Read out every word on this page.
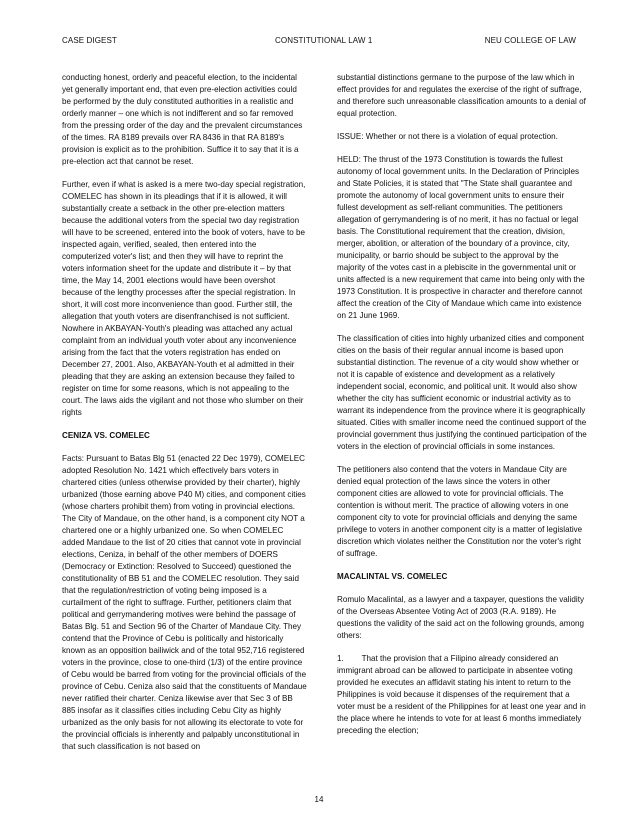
CASE DIGEST	CONSTITUTIONAL LAW 1	NEU COLLEGE OF LAW

conducting honest, orderly and peaceful election, to the incidental yet generally important end, that even pre-election activities could be performed by the duly constituted authorities in a realistic and orderly manner – one which is not indifferent and so far removed from the pressing order of the day and the prevalent circumstances of the times. RA 8189 prevails over RA 8436 in that RA 8189's provision is explicit as to the prohibition. Suffice it to say that it is a pre-election act that cannot be reset.

Further, even if what is asked is a mere two-day special registration, COMELEC has shown in its pleadings that if it is allowed, it will substantially create a setback in the other pre-election matters because the additional voters from the special two day registration will have to be screened, entered into the book of voters, have to be inspected again, verified, sealed, then entered into the computerized voter's list; and then they will have to reprint the voters information sheet for the update and distribute it – by that time, the May 14, 2001 elections would have been overshot because of the lengthy processes after the special registration. In short, it will cost more inconvenience than good. Further still, the allegation that youth voters are disenfranchised is not sufficient. Nowhere in AKBAYAN-Youth's pleading was attached any actual complaint from an individual youth voter about any inconvenience arising from the fact that the voters registration has ended on December 27, 2001. Also, AKBAYAN-Youth et al admitted in their pleading that they are asking an extension because they failed to register on time for some reasons, which is not appealing to the court. The laws aids the vigilant and not those who slumber on their rights

CENIZA VS. COMELEC

Facts: Pursuant to Batas Blg 51 (enacted 22 Dec 1979), COMELEC adopted Resolution No. 1421 which effectively bars voters in chartered cities (unless otherwise provided by their charter), highly urbanized (those earning above P40 M) cities, and component cities (whose charters prohibit them) from voting in provincial elections. The City of Mandaue, on the other hand, is a component city NOT a chartered one or a highly urbanized one. So when COMELEC added Mandaue to the list of 20 cities that cannot vote in provincial elections, Ceniza, in behalf of the other members of DOERS (Democracy or Extinction: Resolved to Succeed) questioned the constitutionality of BB 51 and the COMELEC resolution. They said that the regulation/restriction of voting being imposed is a curtailment of the right to suffrage. Further, petitioners claim that political and gerrymandering motives were behind the passage of Batas Blg. 51 and Section 96 of the Charter of Mandaue City. They contend that the Province of Cebu is politically and historically known as an opposition bailiwick and of the total 952,716 registered voters in the province, close to one-third (1/3) of the entire province of Cebu would be barred from voting for the provincial officials of the province of Cebu. Ceniza also said that the constituents of Mandaue never ratified their charter. Ceniza likewise aver that Sec 3 of BB 885 insofar as it classifies cities including Cebu City as highly urbanized as the only basis for not allowing its electorate to vote for the provincial officials is inherently and palpably unconstitutional in that such classification is not based on

substantial distinctions germane to the purpose of the law which in effect provides for and regulates the exercise of the right of suffrage, and therefore such unreasonable classification amounts to a denial of equal protection.

ISSUE: Whether or not there is a violation of equal protection.

HELD: The thrust of the 1973 Constitution is towards the fullest autonomy of local government units. In the Declaration of Principles and State Policies, it is stated that "The State shall guarantee and promote the autonomy of local government units to ensure their fullest development as self-reliant communities. The petitioners allegation of gerrymandering is of no merit, it has no factual or legal basis. The Constitutional requirement that the creation, division, merger, abolition, or alteration of the boundary of a province, city, municipality, or barrio should be subject to the approval by the majority of the votes cast in a plebiscite in the governmental unit or units affected is a new requirement that came into being only with the 1973 Constitution. It is prospective in character and therefore cannot affect the creation of the City of Mandaue which came into existence on 21 June 1969.

The classification of cities into highly urbanized cities and component cities on the basis of their regular annual income is based upon substantial distinction. The revenue of a city would show whether or not it is capable of existence and development as a relatively independent social, economic, and political unit. It would also show whether the city has sufficient economic or industrial activity as to warrant its independence from the province where it is geographically situated. Cities with smaller income need the continued support of the provincial government thus justifying the continued participation of the voters in the election of provincial officials in some instances.

The petitioners also contend that the voters in Mandaue City are denied equal protection of the laws since the voters in other component cities are allowed to vote for provincial officials. The contention is without merit. The practice of allowing voters in one component city to vote for provincial officials and denying the same privilege to voters in another component city is a matter of legislative discretion which violates neither the Constitution nor the voter's right of suffrage.

MACALINTAL VS. COMELEC

Romulo Macalintal, as a lawyer and a taxpayer, questions the validity of the Overseas Absentee Voting Act of 2003 (R.A. 9189). He questions the validity of the said act on the following grounds, among others:

1.        That the provision that a Filipino already considered an immigrant abroad can be allowed to participate in absentee voting provided he executes an affidavit stating his intent to return to the Philippines is void because it dispenses of the requirement that a voter must be a resident of the Philippines for at least one year and in the place where he intends to vote for at least 6 months immediately preceding the election;

14
